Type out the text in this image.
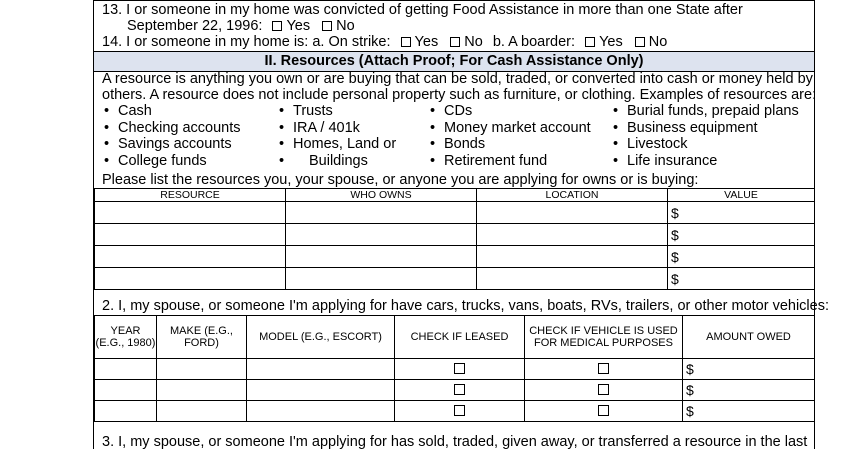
13. I or someone in my home was convicted of getting Food Assistance in more than one State after
September 22, 1996: Yes No
14. I or someone in my home is: a. On strike: Yes No b. A boarder: Yes No
II. Resources (Attach Proof; For Cash Assistance Only)
A resource is anything you own or are buying that can be sold, traded, or converted into cash or money held by
others. A resource does not include personal property such as furniture, or clothing. Examples of resources are:
• Cash
• Checking accounts
• Savings accounts
• College funds
• Trusts
• IRA / 401k
• Homes, Land or
• Buildings
• CDs
• Money market account
• Bonds
• Retirement fund
• Burial funds, prepaid plans
• Business equipment
• Livestock
• Life insurance
Please list the resources you, your spouse, or anyone you are applying for owns or is buying:
RESOURCE	WHO OWNS	LOCATION	VALUE
			$
			$
			$
			$
2. I, my spouse, or someone I'm applying for have cars, trucks, vans, boats, RVs, trailers, or other motor vehicles:
YEAR (E.G., 1980)	MAKE (E.G., FORD)	MODEL (E.G., ESCORT)	CHECK IF LEASED	CHECK IF VEHICLE IS USED FOR MEDICAL PURPOSES	AMOUNT OWED
					$
					$
					$
3. I, my spouse, or someone I'm applying for has sold, traded, given away, or transferred a resource in the last
